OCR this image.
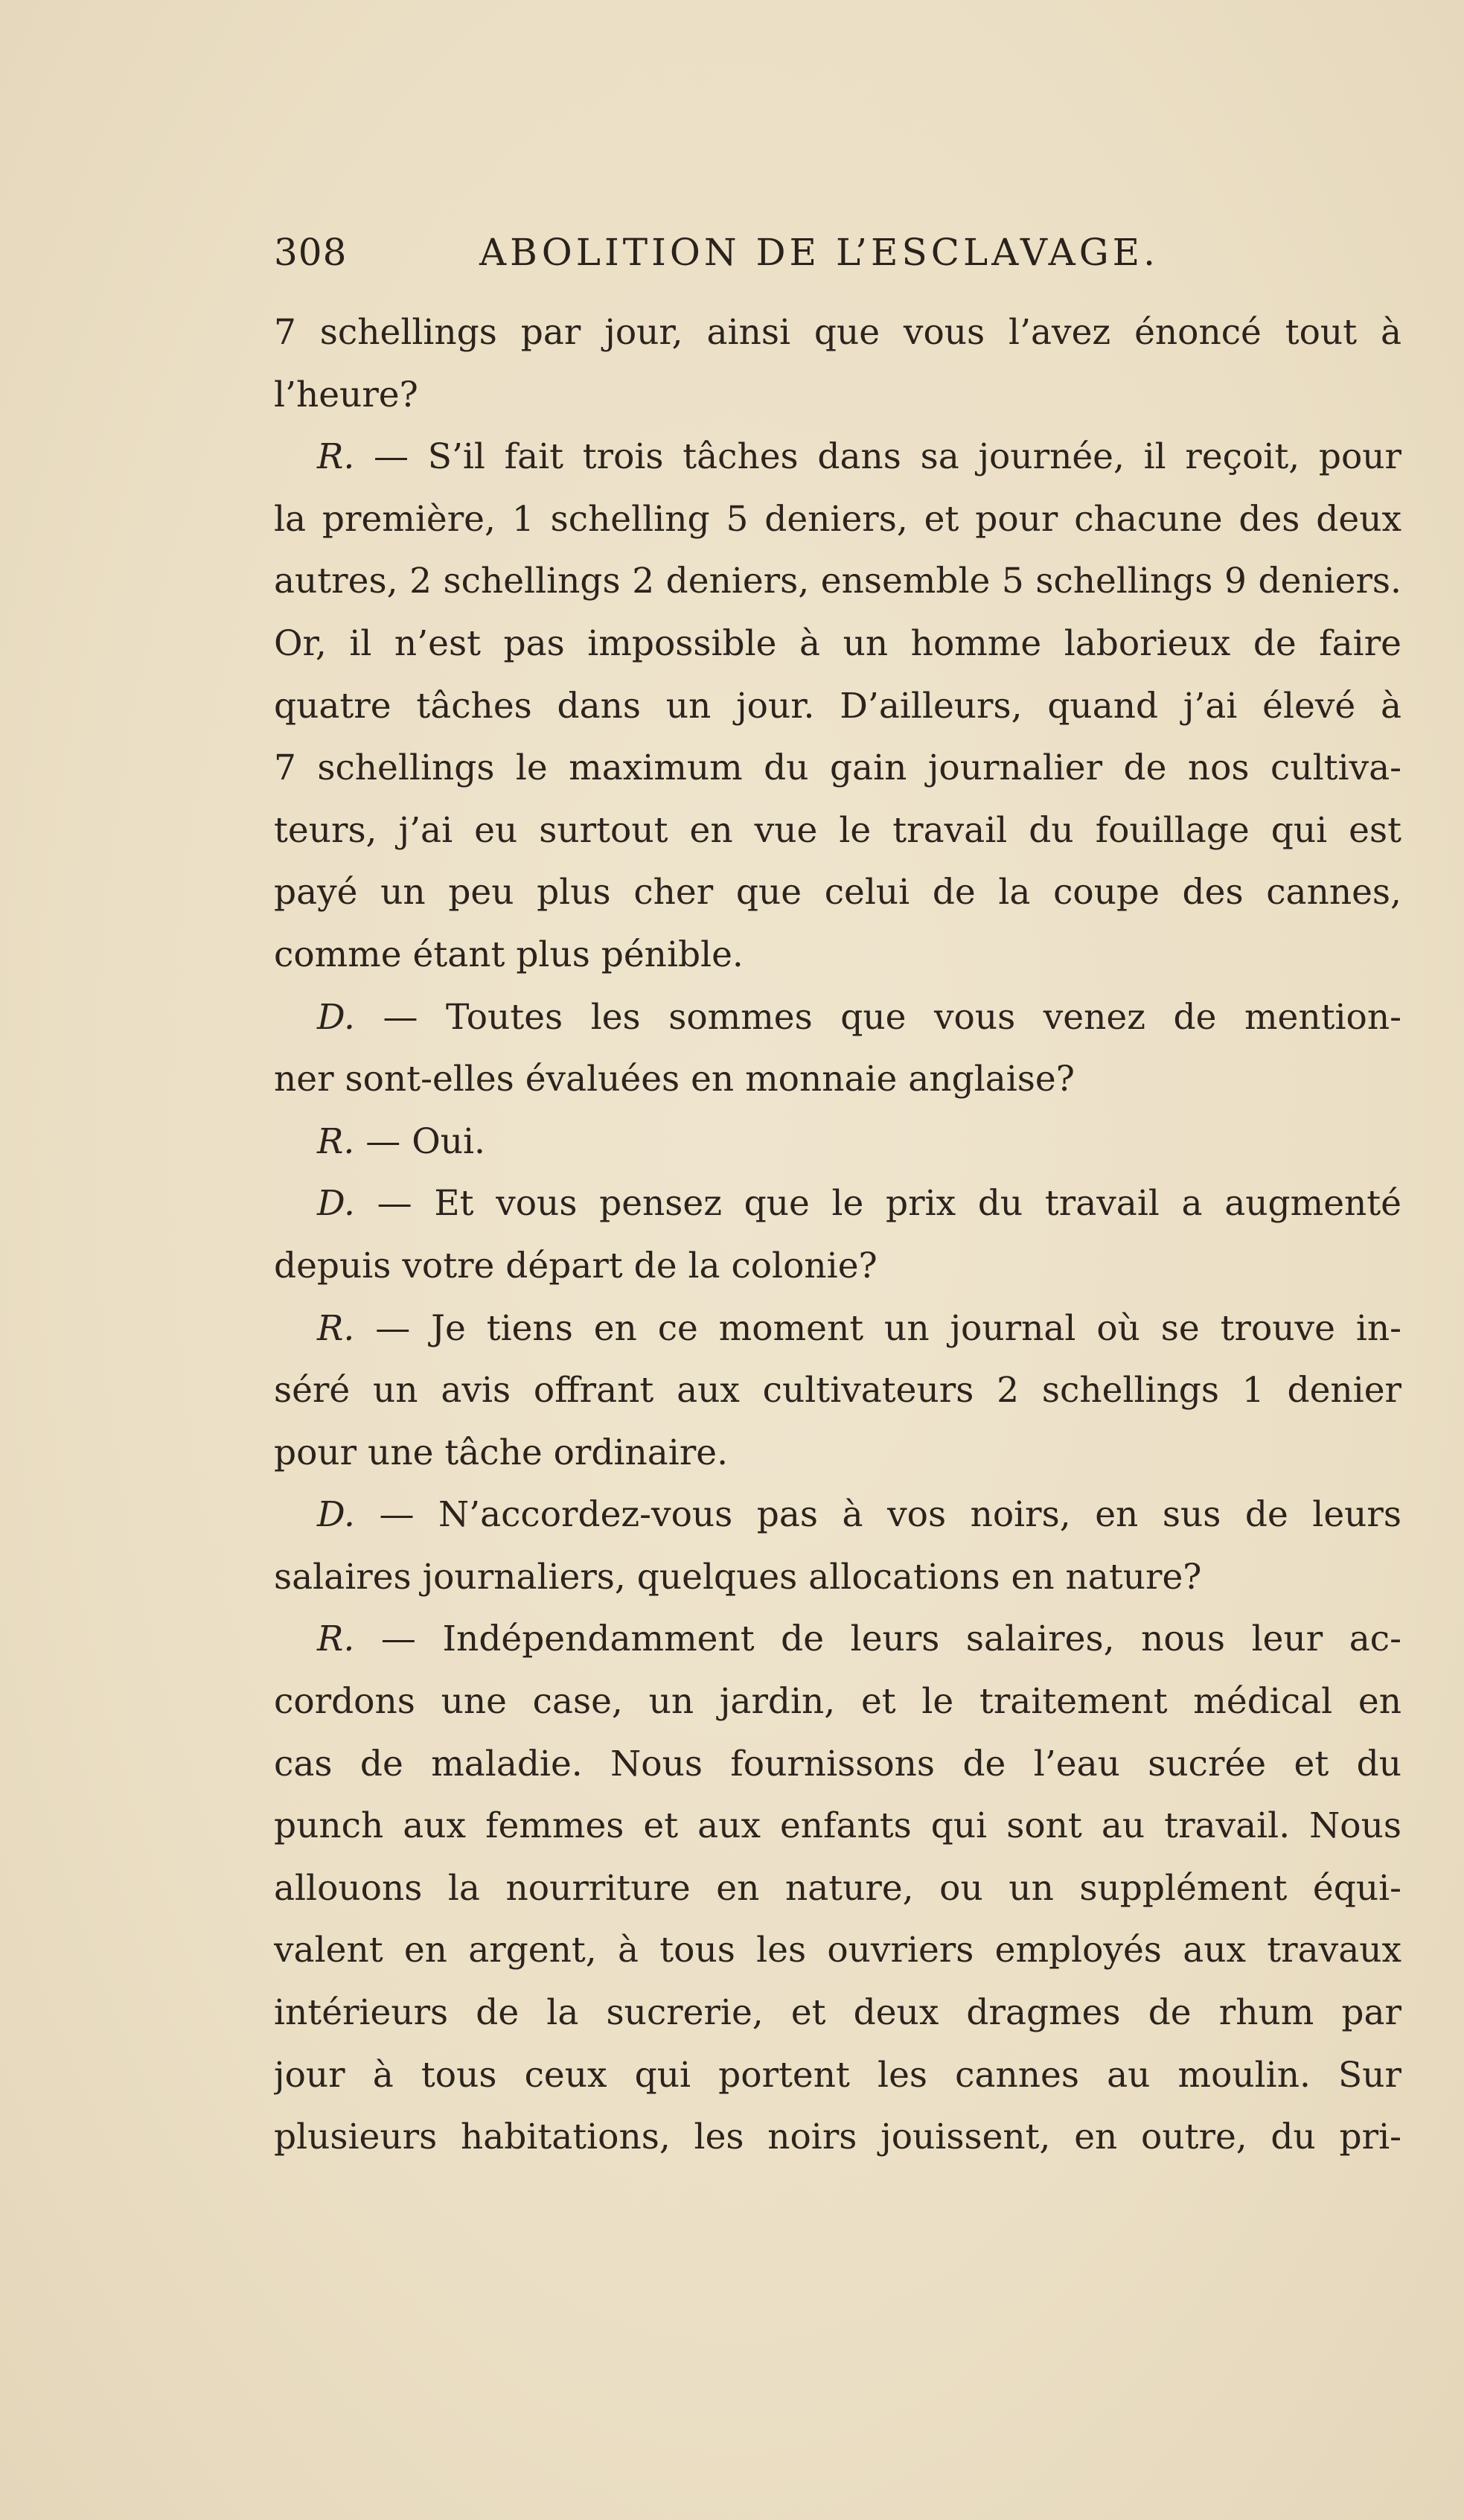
308	ABOLITION DE L’ESCLAVAGE.
7 schellings par jour, ainsi que vous l’avez énoncé tout à
l’heure?
R. — S’il fait trois tâches dans sa journée, il reçoit, pour
la première, 1 schelling 5 deniers, et pour chacune des deux
autres, 2 schellings 2 deniers, ensemble 5 schellings 9 deniers.
Or, il n’est pas impossible à un homme laborieux de faire
quatre tâches dans un jour. D’ailleurs, quand j’ai élevé à
7 schellings le maximum du gain journalier de nos cultiva-
teurs, j’ai eu surtout en vue le travail du fouillage qui est
payé un peu plus cher que celui de la coupe des cannes,
comme étant plus pénible.
D. — Toutes les sommes que vous venez de mention-
ner sont-elles évaluées en monnaie anglaise?
R. — Oui.
D. — Et vous pensez que le prix du travail a augmenté
depuis votre départ de la colonie?
R. — Je tiens en ce moment un journal où se trouve in-
séré un avis offrant aux cultivateurs 2 schellings 1 denier
pour une tâche ordinaire.
D. — N’accordez-vous pas à vos noirs, en sus de leurs
salaires journaliers, quelques allocations en nature?
R. — Indépendamment de leurs salaires, nous leur ac-
cordons une case, un jardin, et le traitement médical en
cas de maladie. Nous fournissons de l’eau sucrée et du
punch aux femmes et aux enfants qui sont au travail. Nous
allouons la nourriture en nature, ou un supplément équi-
valent en argent, à tous les ouvriers employés aux travaux
intérieurs de la sucrerie, et deux dragmes de rhum par
jour à tous ceux qui portent les cannes au moulin. Sur
plusieurs habitations, les noirs jouissent, en outre, du pri-
